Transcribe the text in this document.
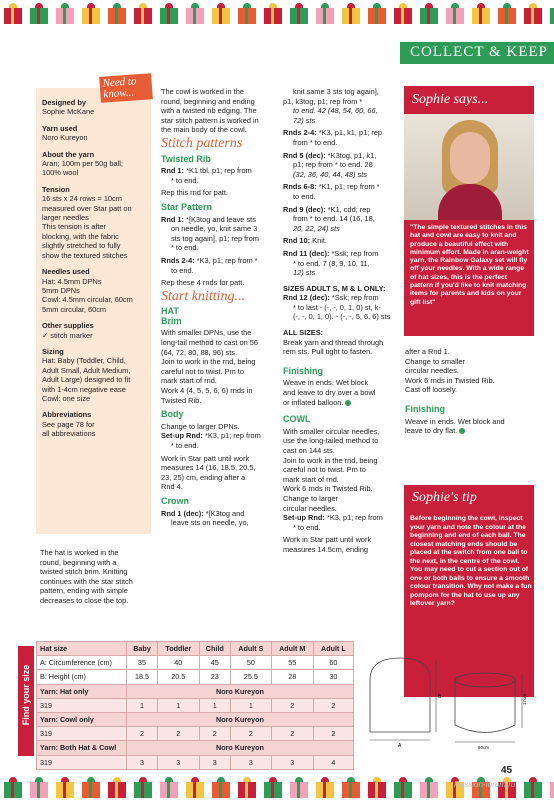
COLLECT & KEEP
Need to know...
Designed by

Sophie McKane

Yarn used

Noro Kureyon

About the yarn

Aran; 100m per 50g ball;

100% wool

Tension

16 sts x 24 rows = 10cm

measured over Star patt on

larger needles

This tension is after

blocking, with the fabric

slightly stretched to fully

show the textured stitches

Needles used

Hat: 4.5mm DPNs

5mm DPNs

Cowl: 4.5mm circular, 60cm

5mm circular, 60cm

Other supplies

✓ stitch marker

Sizing

Hat: Baby (Toddler, Child,

Adult Small, Adult Medium,

Adult Large) designed to fit

with 1-4cm negative ease

Cowl: one size

Abbreviations

See page 78 for

all abbreviations

The hat is worked in the
round, beginning with a
twisted stitch brim. Knitting
continues with the star stitch
pattern, ending with simple
decreases to close the top.
The cowl is worked in the
round, beginning and ending
with a twisted rib edging. The
star stitch pattern is worked in
the main body of the cowl.
Stitch patterns
Twisted Rib
Rnd 1: *K1 tbl, p1; rep from
* to end.
Rep this rnd for patt.
Star Pattern
Rnd 1: *[K3tog and leave sts
on needle, yo, knit same 3
sts tog again], p1; rep from
* to end.
Rnds 2-4: *K3, p1; rep from *
to end.
Rep these 4 rnds for patt.
Start knitting...
HAT
Brim
With smaller DPNs, use the
long-tail method to cast on 56
(64, 72, 80, 88, 96) sts.
Join to work in the rnd, being
careful not to twist. Pm to
mark start of rnd.
Work 4 (4, 5, 5, 6, 6) rnds in
Twisted Rib.
Body
Change to larger DPNs.
Set-up Rnd: *K3, p1; rep from
* to end.
Work in Star patt until work
measures 14 (16, 18.5, 20.5,
23, 25) cm, ending after a
Rnd 4.
Crown
Rnd 1 (dec): *[K3tog and
leave sts on needle, yo,
knit same 3 sts tog again],
p1, k3tog, p1; rep from *
to end. 42 (48, 54, 60, 66,
72) sts
Rnds 2-4: *K3, p1, k1, p1; rep
from * to end.
Rnd 5 (dec): *K3tog, p1, k1,
p1; rep from * to end. 28
(32, 36, 40, 44, 48) sts
Rnds 6-8: *K1, p1; rep from *
to end.
Rnd 9 (dec): *K1, cdd; rep
from * to end. 14 (16, 18,
20, 22, 24) sts
Rnd 10: Knit.
Rnd 11 (dec): *Ssk; rep from
* to end. 7 (8, 9, 10, 11,
12) sts
SIZES ADULT S, M & L ONLY:
Rnd 12 (dec): *Ssk; rep from
* to last - (-, -, 0, 1, 0) st, k-
(-, -, 0, 1, 0). - (-, -, 5, 6, 6) sts
ALL SIZES:
Break yarn and thread through
rem sts. Pull tight to fasten.
Finishing
Weave in ends. Wet block
and leave to dry over a bowl
or inflated balloon.
COWL
With smaller circular needles,
use the long-tailed method to
cast on 144 sts.
Join to work in the rnd, being
careful not to twist. Pm to
mark start of rnd.
Work 6 rnds in Twisted Rib.
Change to larger
circular needles.
Set-up Rnd: *K3, p1; rep from
* to end.
Work in Star patt until work
measures 14.5cm, ending
Sophie says...
"The simple textured stitches in this hat and cowl are easy to knit and produce a beautiful effect with minimum effort. Made in aran-weight yarn, the Rainbow Galaxy set will fly off your needles. With a wide range of hat sizes, this is the perfect pattern if you'd like to knit matching items for parents and kids on your gift list"
after a Rnd 1.
Change to smaller
circular needles.
Work 6 rnds in Twisted Rib.
Cast off loosely.
Finishing
Weave in ends. Wet block and
leave to dry flat.
Sophie's tip
Before beginning the cowl, inspect your yarn and note the colour at the beginning and end of each ball. The closest matching ends should be placed at the switch from one ball to the next, in the centre of the cowl. You may need to cut a section out of one or both balls to ensure a smooth colour transition. Why not make a fun pompom for the hat to use up any leftover yarn?
Find your size
Hat size	Baby	Toddler	Child	Adult S	Adult M	Adult L
A: Circumference (cm)	35	40	45	50	55	60
B: Height (cm)	18.5	20.5	23	25.5	28	30
Yarn: Hat only	Noro Kureyon					
319	1	1	1	1	2	2
Yarn: Cowl only	Noro Kureyon					
319	2	2	2	2	2	2
Yarn: Both Hat & Cowl	Noro Kureyon					
319	3	3	3	3	3	4
B
A
17cm
80cm
45
Rassion-forum.ru
